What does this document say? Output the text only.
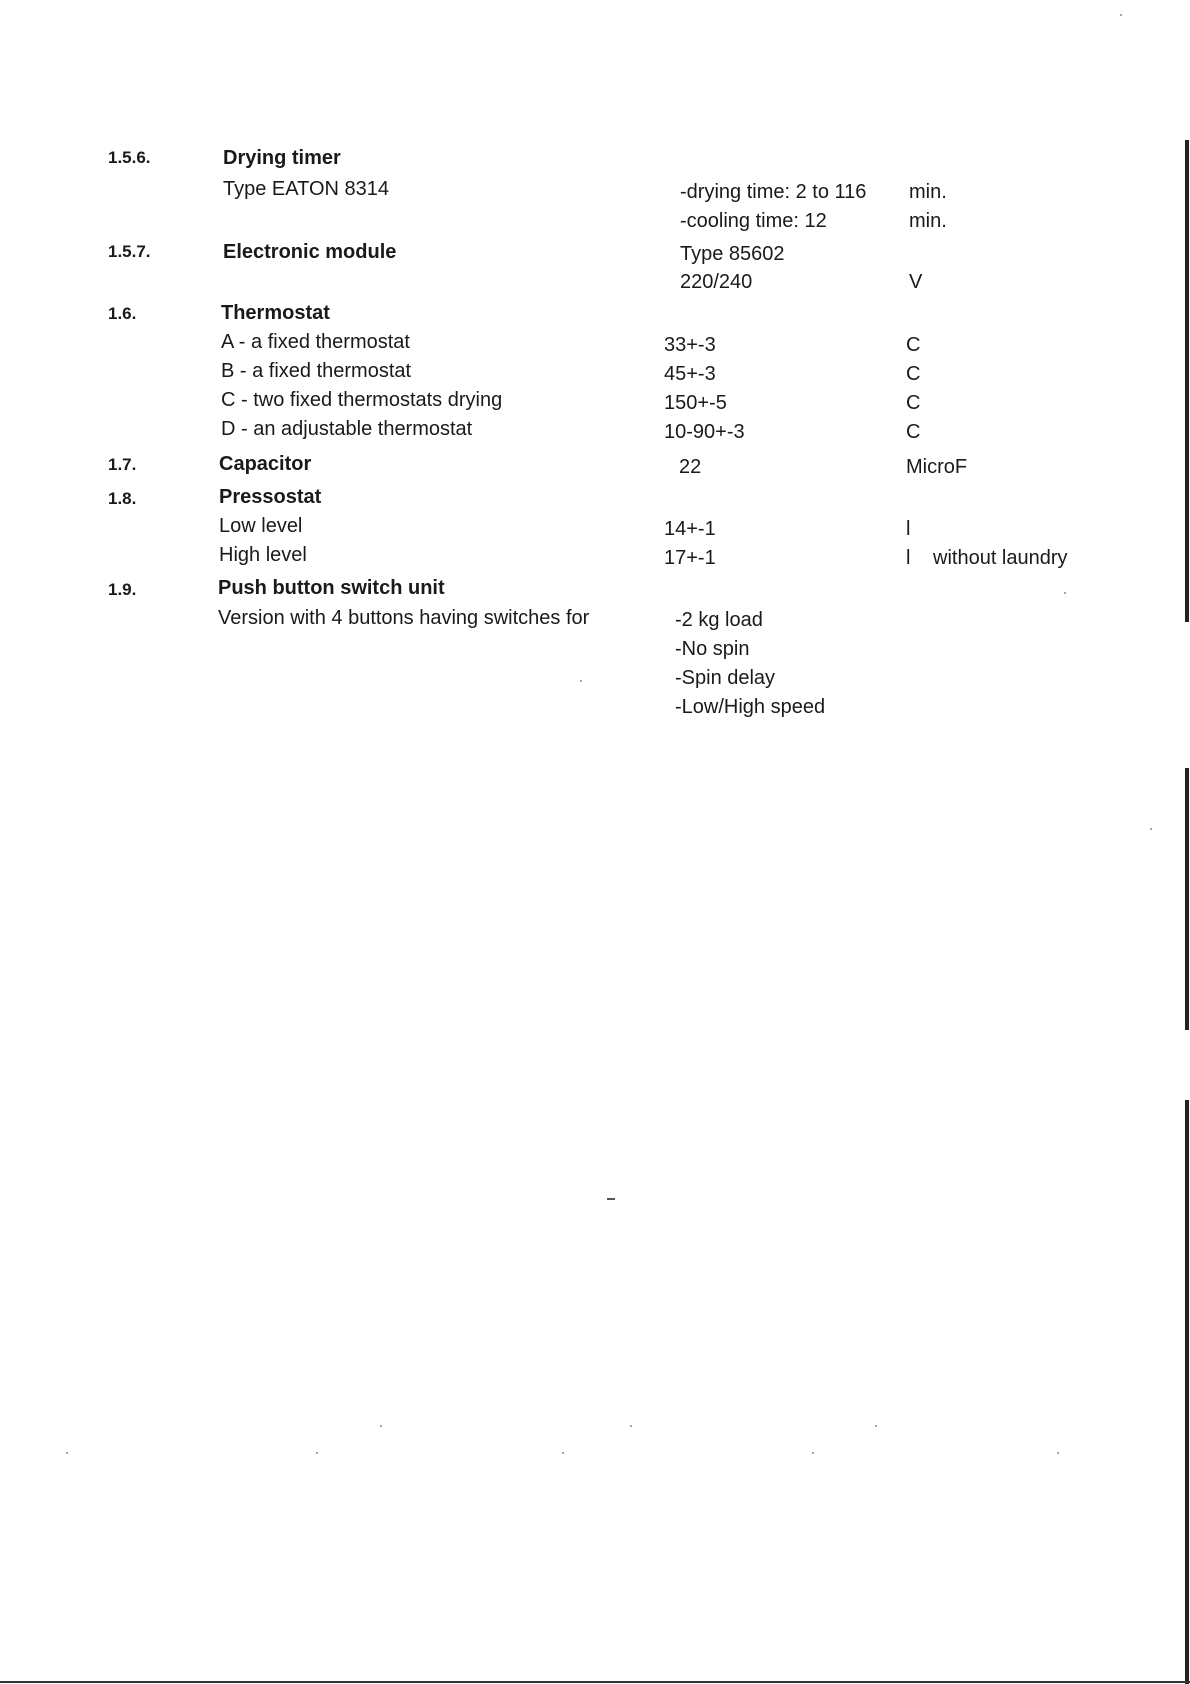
1.5.6.	Drying timer
Type EATON 8314	-drying time: 2 to 116 min.
-cooling time: 12	min.
1.5.7.	Electronic module	Type 85602
220/240	V
1.6.	Thermostat
A - a fixed thermostat	33+-3	C
B - a fixed thermostat	45+-3	C
C - two fixed thermostats drying	150+-5	C
D - an adjustable thermostat	10-90+-3	C
1.7.	Capacitor	22	MicroF
1.8.	Pressostat
Low level	14+-1	l
High level	17+-1	l without laundry
1.9.	Push button switch unit
Version with 4 buttons having switches for	-2 kg load
-No spin
-Spin delay
-Low/High speed
